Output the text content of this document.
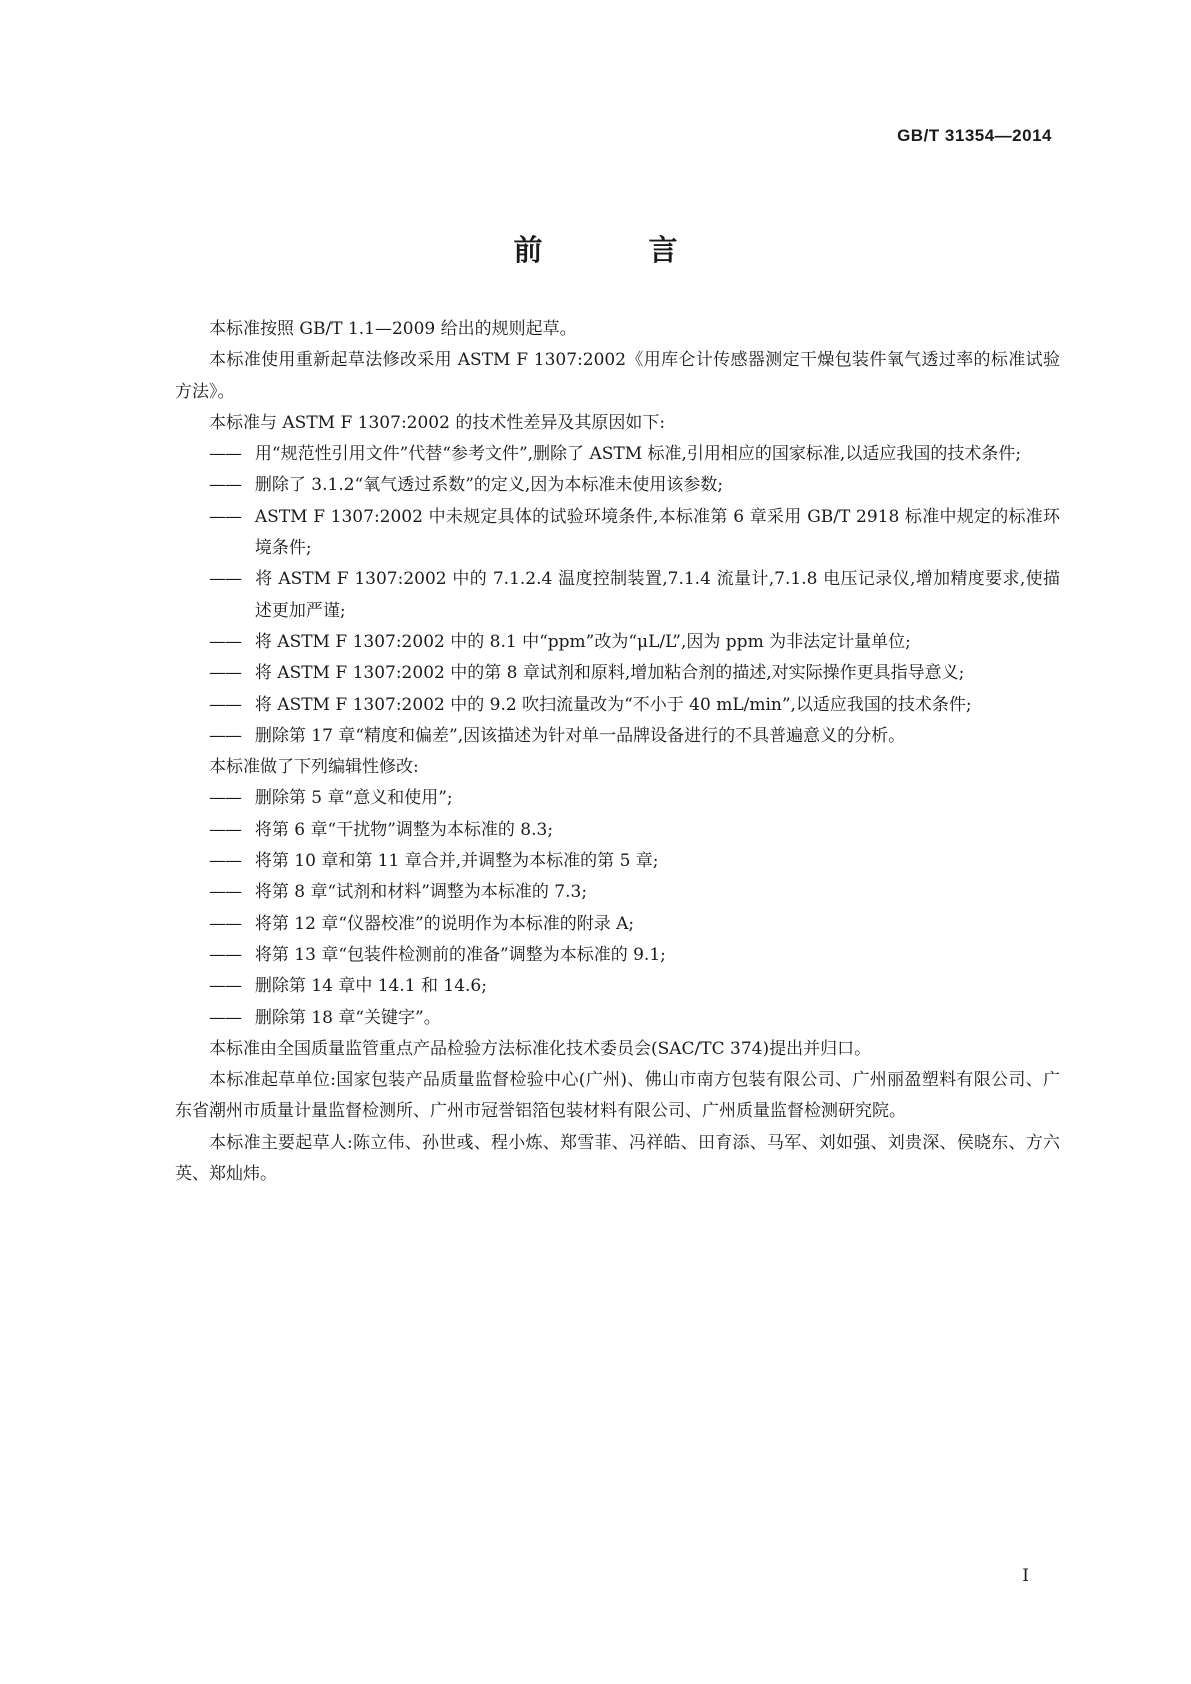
GB/T 31354—2014
前 言

本标准按照 GB/T 1.1—2009 给出的规则起草。

本标准使用重新起草法修改采用 ASTM F 1307:2002《用库仑计传感器测定干燥包装件氧气透过率的标准试验方法》。

本标准与 ASTM F 1307:2002 的技术性差异及其原因如下:

—— 用“规范性引用文件”代替“参考文件”,删除了 ASTM 标准,引用相应的国家标准,以适应我国的技术条件;

—— 删除了 3.1.2“氧气透过系数”的定义,因为本标准未使用该参数;

—— ASTM F 1307:2002 中未规定具体的试验环境条件,本标准第 6 章采用 GB/T 2918 标准中规定的标准环境条件;

—— 将 ASTM F 1307:2002 中的 7.1.2.4 温度控制装置,7.1.4 流量计,7.1.8 电压记录仪,增加精度要求,使描述更加严谨;

—— 将 ASTM F 1307:2002 中的 8.1 中“ppm”改为“μL/L”,因为 ppm 为非法定计量单位;

—— 将 ASTM F 1307:2002 中的第 8 章试剂和原料,增加粘合剂的描述,对实际操作更具指导意义;

—— 将 ASTM F 1307:2002 中的 9.2 吹扫流量改为“不小于 40 mL/min”,以适应我国的技术条件;

—— 删除第 17 章“精度和偏差”,因该描述为针对单一品牌设备进行的不具普遍意义的分析。

本标准做了下列编辑性修改:

—— 删除第 5 章“意义和使用”;

—— 将第 6 章“干扰物”调整为本标准的 8.3;

—— 将第 10 章和第 11 章合并,并调整为本标准的第 5 章;

—— 将第 8 章“试剂和材料”调整为本标准的 7.3;

—— 将第 12 章“仪器校准”的说明作为本标准的附录 A;

—— 将第 13 章“包装件检测前的准备”调整为本标准的 9.1;

—— 删除第 14 章中 14.1 和 14.6;

—— 删除第 18 章“关键字”。

本标准由全国质量监管重点产品检验方法标准化技术委员会(SAC/TC 374)提出并归口。

本标准起草单位:国家包装产品质量监督检验中心(广州)、佛山市南方包装有限公司、广州丽盈塑料有限公司、广东省潮州市质量计量监督检测所、广州市冠誉铝箔包装材料有限公司、广州质量监督检测研究院。

本标准主要起草人:陈立伟、孙世彧、程小炼、郑雪菲、冯祥皓、田育添、马军、刘如强、刘贵深、侯晓东、方六英、郑灿炜。

I
